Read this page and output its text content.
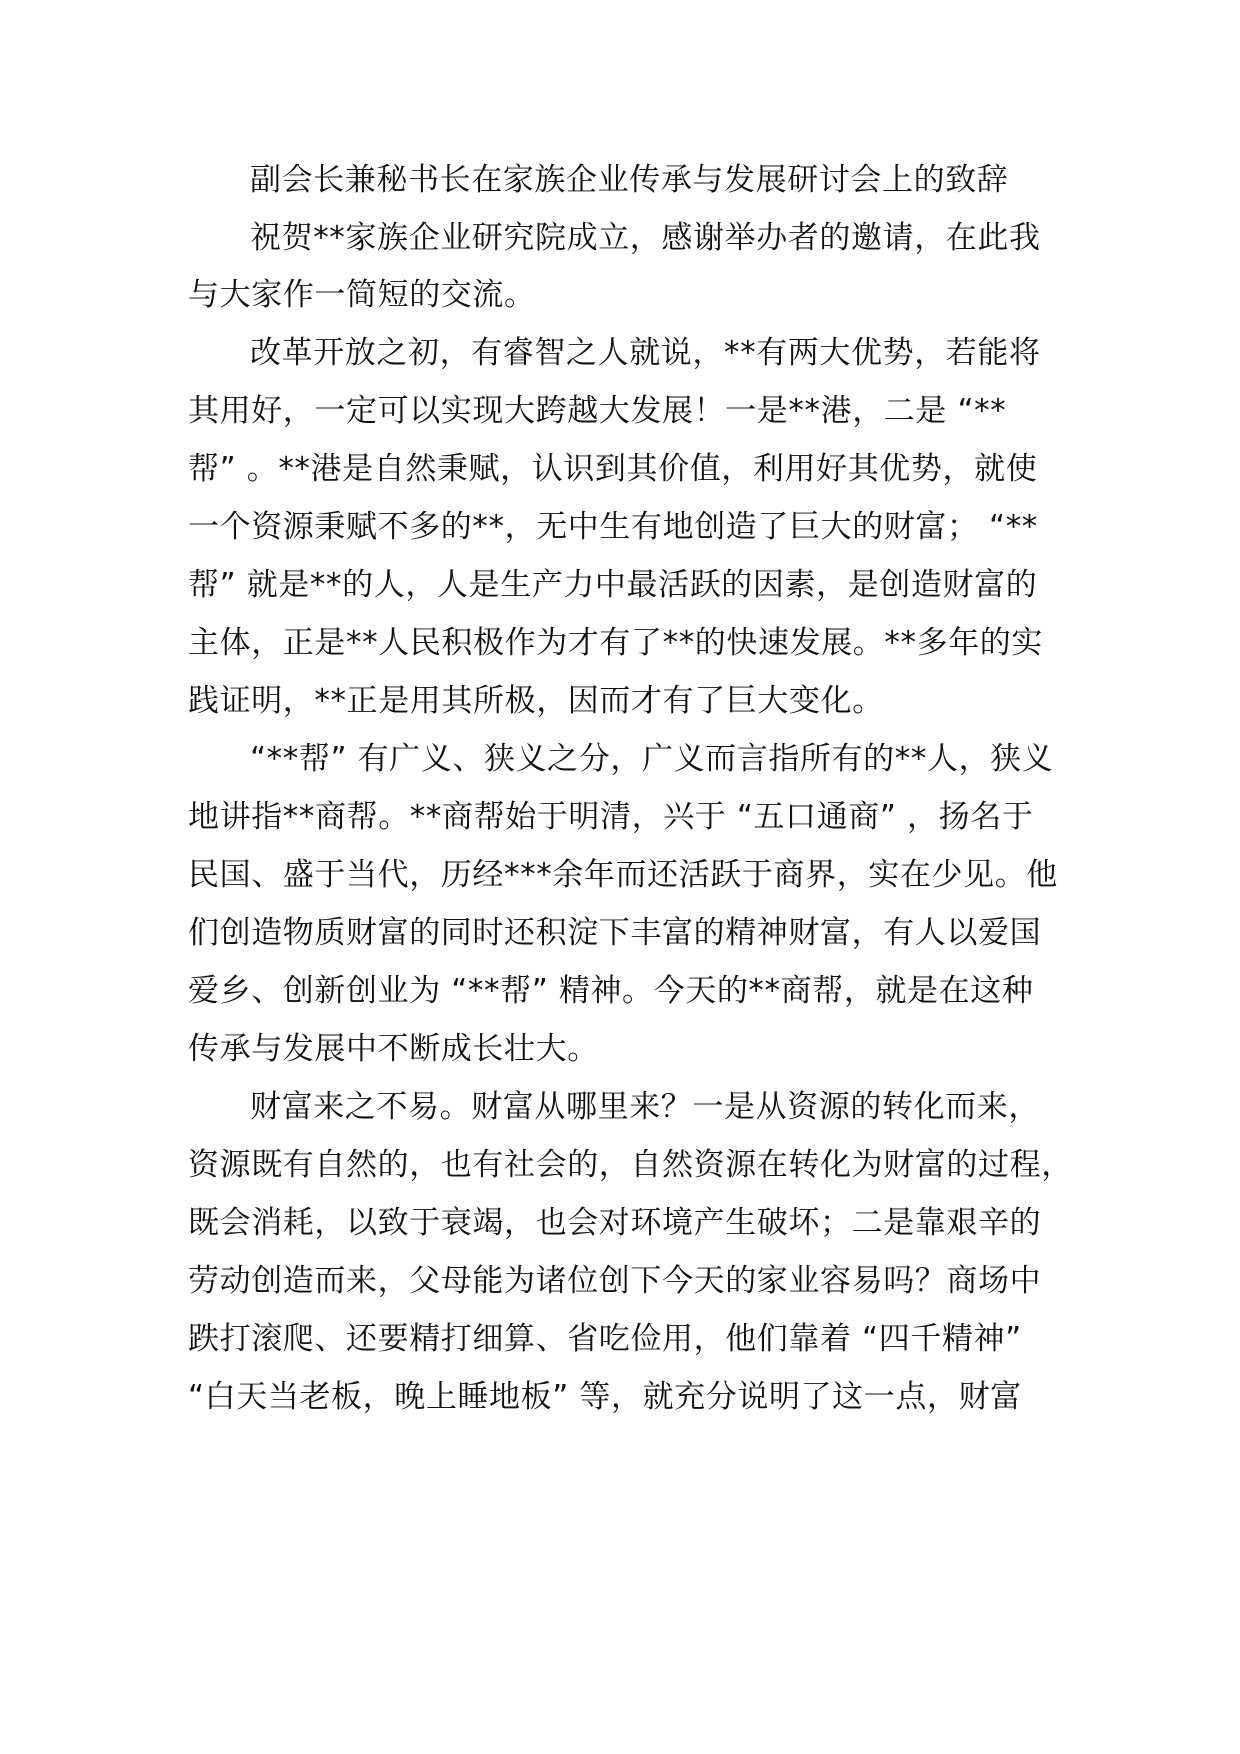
副会长兼秘书长在家族企业传承与发展研讨会上的致辞
祝贺**家族企业研究院成立，感谢举办者的邀请，在此我
与大家作一简短的交流。
改革开放之初，有睿智之人就说，**有两大优势，若能将
其用好，一定可以实现大跨越大发展！一是**港，二是 “**
帮” 。**港是自然秉赋，认识到其价值，利用好其优势，就使
一个资源秉赋不多的**，无中生有地创造了巨大的财富； “**
帮” 就是**的人，人是生产力中最活跃的因素，是创造财富的
主体，正是**人民积极作为才有了**的快速发展。**多年的实
践证明，**正是用其所极，因而才有了巨大变化。
“**帮” 有广义、狭义之分，广义而言指所有的**人，狭义
地讲指**商帮。**商帮始于明清，兴于 “五口通商” ，扬名于
民国、盛于当代，历经***余年而还活跃于商界，实在少见。他
们创造物质财富的同时还积淀下丰富的精神财富，有人以爱国
爱乡、创新创业为 “**帮” 精神。今天的**商帮，就是在这种
传承与发展中不断成长壮大。
财富来之不易。财富从哪里来？一是从资源的转化而来，
资源既有自然的，也有社会的，自然资源在转化为财富的过程，
既会消耗，以致于衰竭，也会对环境产生破坏；二是靠艰辛的
劳动创造而来，父母能为诸位创下今天的家业容易吗？商场中
跌打滚爬、还要精打细算、省吃俭用，他们靠着 “四千精神”
“白天当老板，晚上睡地板” 等，就充分说明了这一点，财富
